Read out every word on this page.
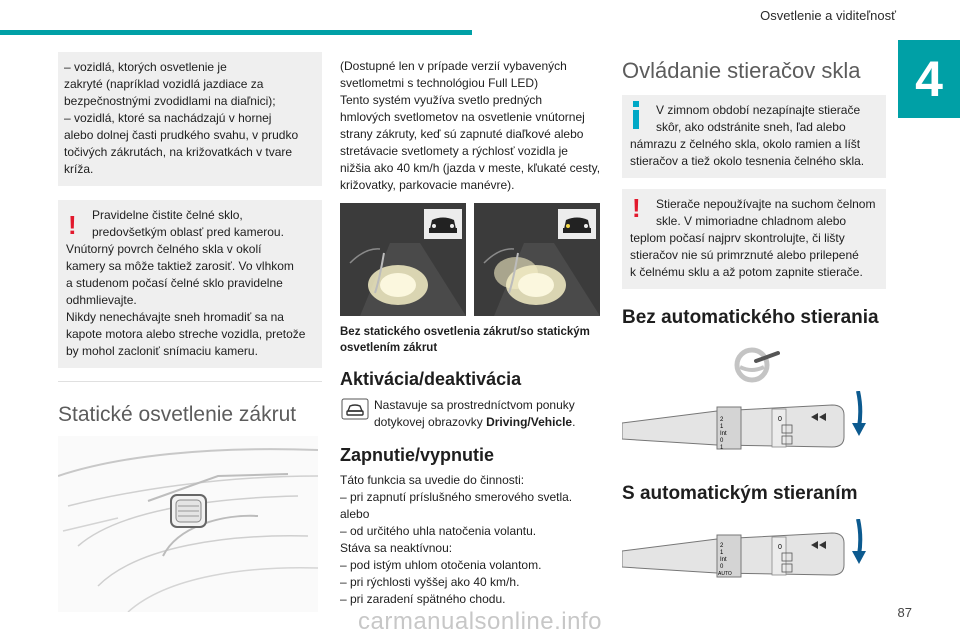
Osvetlenie a viditeľnosť
4
– vozidlá, ktorých osvetlenie je
zakryté (napríklad vozidlá jazdiace za
bezpečnostnými zvodidlami na diaľnici);
– vozidlá, ktoré sa nachádzajú v hornej
alebo dolnej časti prudkého svahu, v prudko
točivých zákrutách, na križovatkách v tvare
kríža.
!	Pravidelne čistite čelné sklo,
predovšetkým oblasť pred kamerou.
Vnútorný povrch čelného skla v okolí
kamery sa môže taktiež zarosiť. Vo vlhkom
a studenom počasí čelné sklo pravidelne
odhmlievajte.
Nikdy nenechávajte sneh hromadiť sa na
kapote motora alebo streche vozidla, pretože
by mohol zacloniť snímaciu kameru.
Statické osvetlenie zákrut
(Dostupné len v prípade verzií vybavených
svetlometmi s technológiou Full LED)
Tento systém využíva svetlo predných
hmlových svetlometov na osvetlenie vnútornej
strany zákruty, keď sú zapnuté diaľkové alebo
stretávacie svetlomety a rýchlosť vozidla je
nižšia ako 40 km/h (jazda v meste, kľukaté cesty,
križovatky, parkovacie manévre).
Bez statického osvetlenia zákrut/so statickým
osvetlením zákrut
Aktivácia/deaktivácia
Nastavuje sa prostredníctvom ponuky
dotykovej obrazovky Driving/Vehicle.
Zapnutie/vypnutie
Táto funkcia sa uvedie do činnosti:
– pri zapnutí príslušného smerového svetla.
alebo
– od určitého uhla natočenia volantu.
Stáva sa neaktívnou:
– pod istým uhlom otočenia volantom.
– pri rýchlosti vyššej ako 40 km/h.
– pri zaradení spätného chodu.
Ovládanie stieračov skla
V zimnom období nezapínajte stierače
skôr, ako odstránite sneh, ľad alebo
námrazu z čelného skla, okolo ramien a líšt
stieračov a tiež okolo tesnenia čelného skla.
!	Stierače nepoužívajte na suchom čelnom
skle. V mimoriadne chladnom alebo
teplom počasí najprv skontrolujte, či lišty
stieračov nie sú primrznuté alebo prilepené
k čelnému sklu a až potom zapnite stierače.
Bez automatického stierania
2
1
Int
0
1
0
S automatickým stieraním
2
1
Int
0
AUTO
0
87
carmanualsonline.info
